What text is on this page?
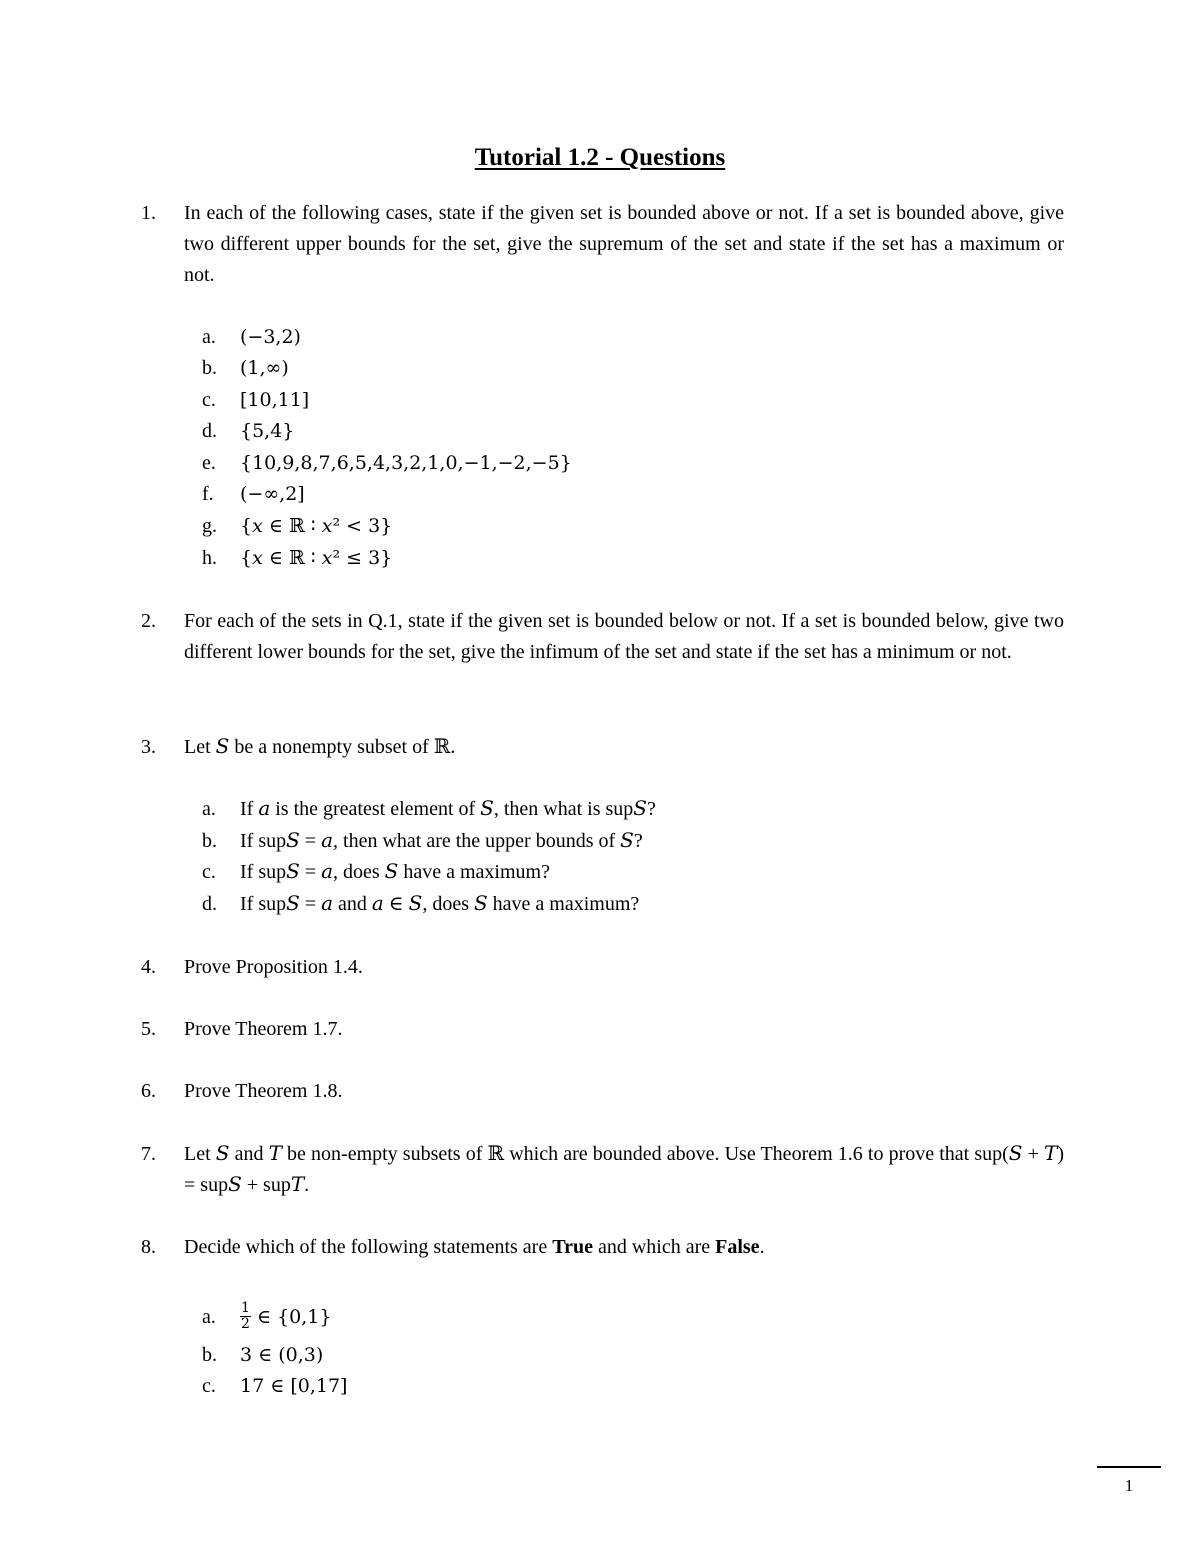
Tutorial 1.2 - Questions
1. In each of the following cases, state if the given set is bounded above or not. If a set is bounded above, give two different upper bounds for the set, give the supremum of the set and state if the set has a maximum or not.
a. (−3,2)
b. (1,∞)
c. [10,11]
d. {5,4}
e. {10,9,8,7,6,5,4,3,2,1,0,−1,−2,−5}
f. (−∞,2]
g. {𝑥 ∈ ℝ ∶ 𝑥² < 3}
h. {𝑥 ∈ ℝ ∶ 𝑥² ≤ 3}
2. For each of the sets in Q.1, state if the given set is bounded below or not. If a set is bounded below, give two different lower bounds for the set, give the infimum of the set and state if the set has a minimum or not.
3. Let 𝑆 be a nonempty subset of ℝ.
a. If 𝑎 is the greatest element of 𝑆, then what is sup𝑆?
b. If sup𝑆 = 𝑎, then what are the upper bounds of 𝑆?
c. If sup𝑆 = 𝑎, does 𝑆 have a maximum?
d. If sup𝑆 = 𝑎 and 𝑎 ∈ 𝑆, does 𝑆 have a maximum?
4. Prove Proposition 1.4.
5. Prove Theorem 1.7.
6. Prove Theorem 1.8.
7. Let 𝑆 and 𝑇 be non-empty subsets of ℝ which are bounded above. Use Theorem 1.6 to prove that sup(𝑆 + 𝑇) = sup𝑆 + sup𝑇.
8. Decide which of the following statements are True and which are False.
a. $\frac{1}{2}$ ∈ {0,1}
b. 3 ∈ (0,3)
c. 17 ∈ [0,17]
1
